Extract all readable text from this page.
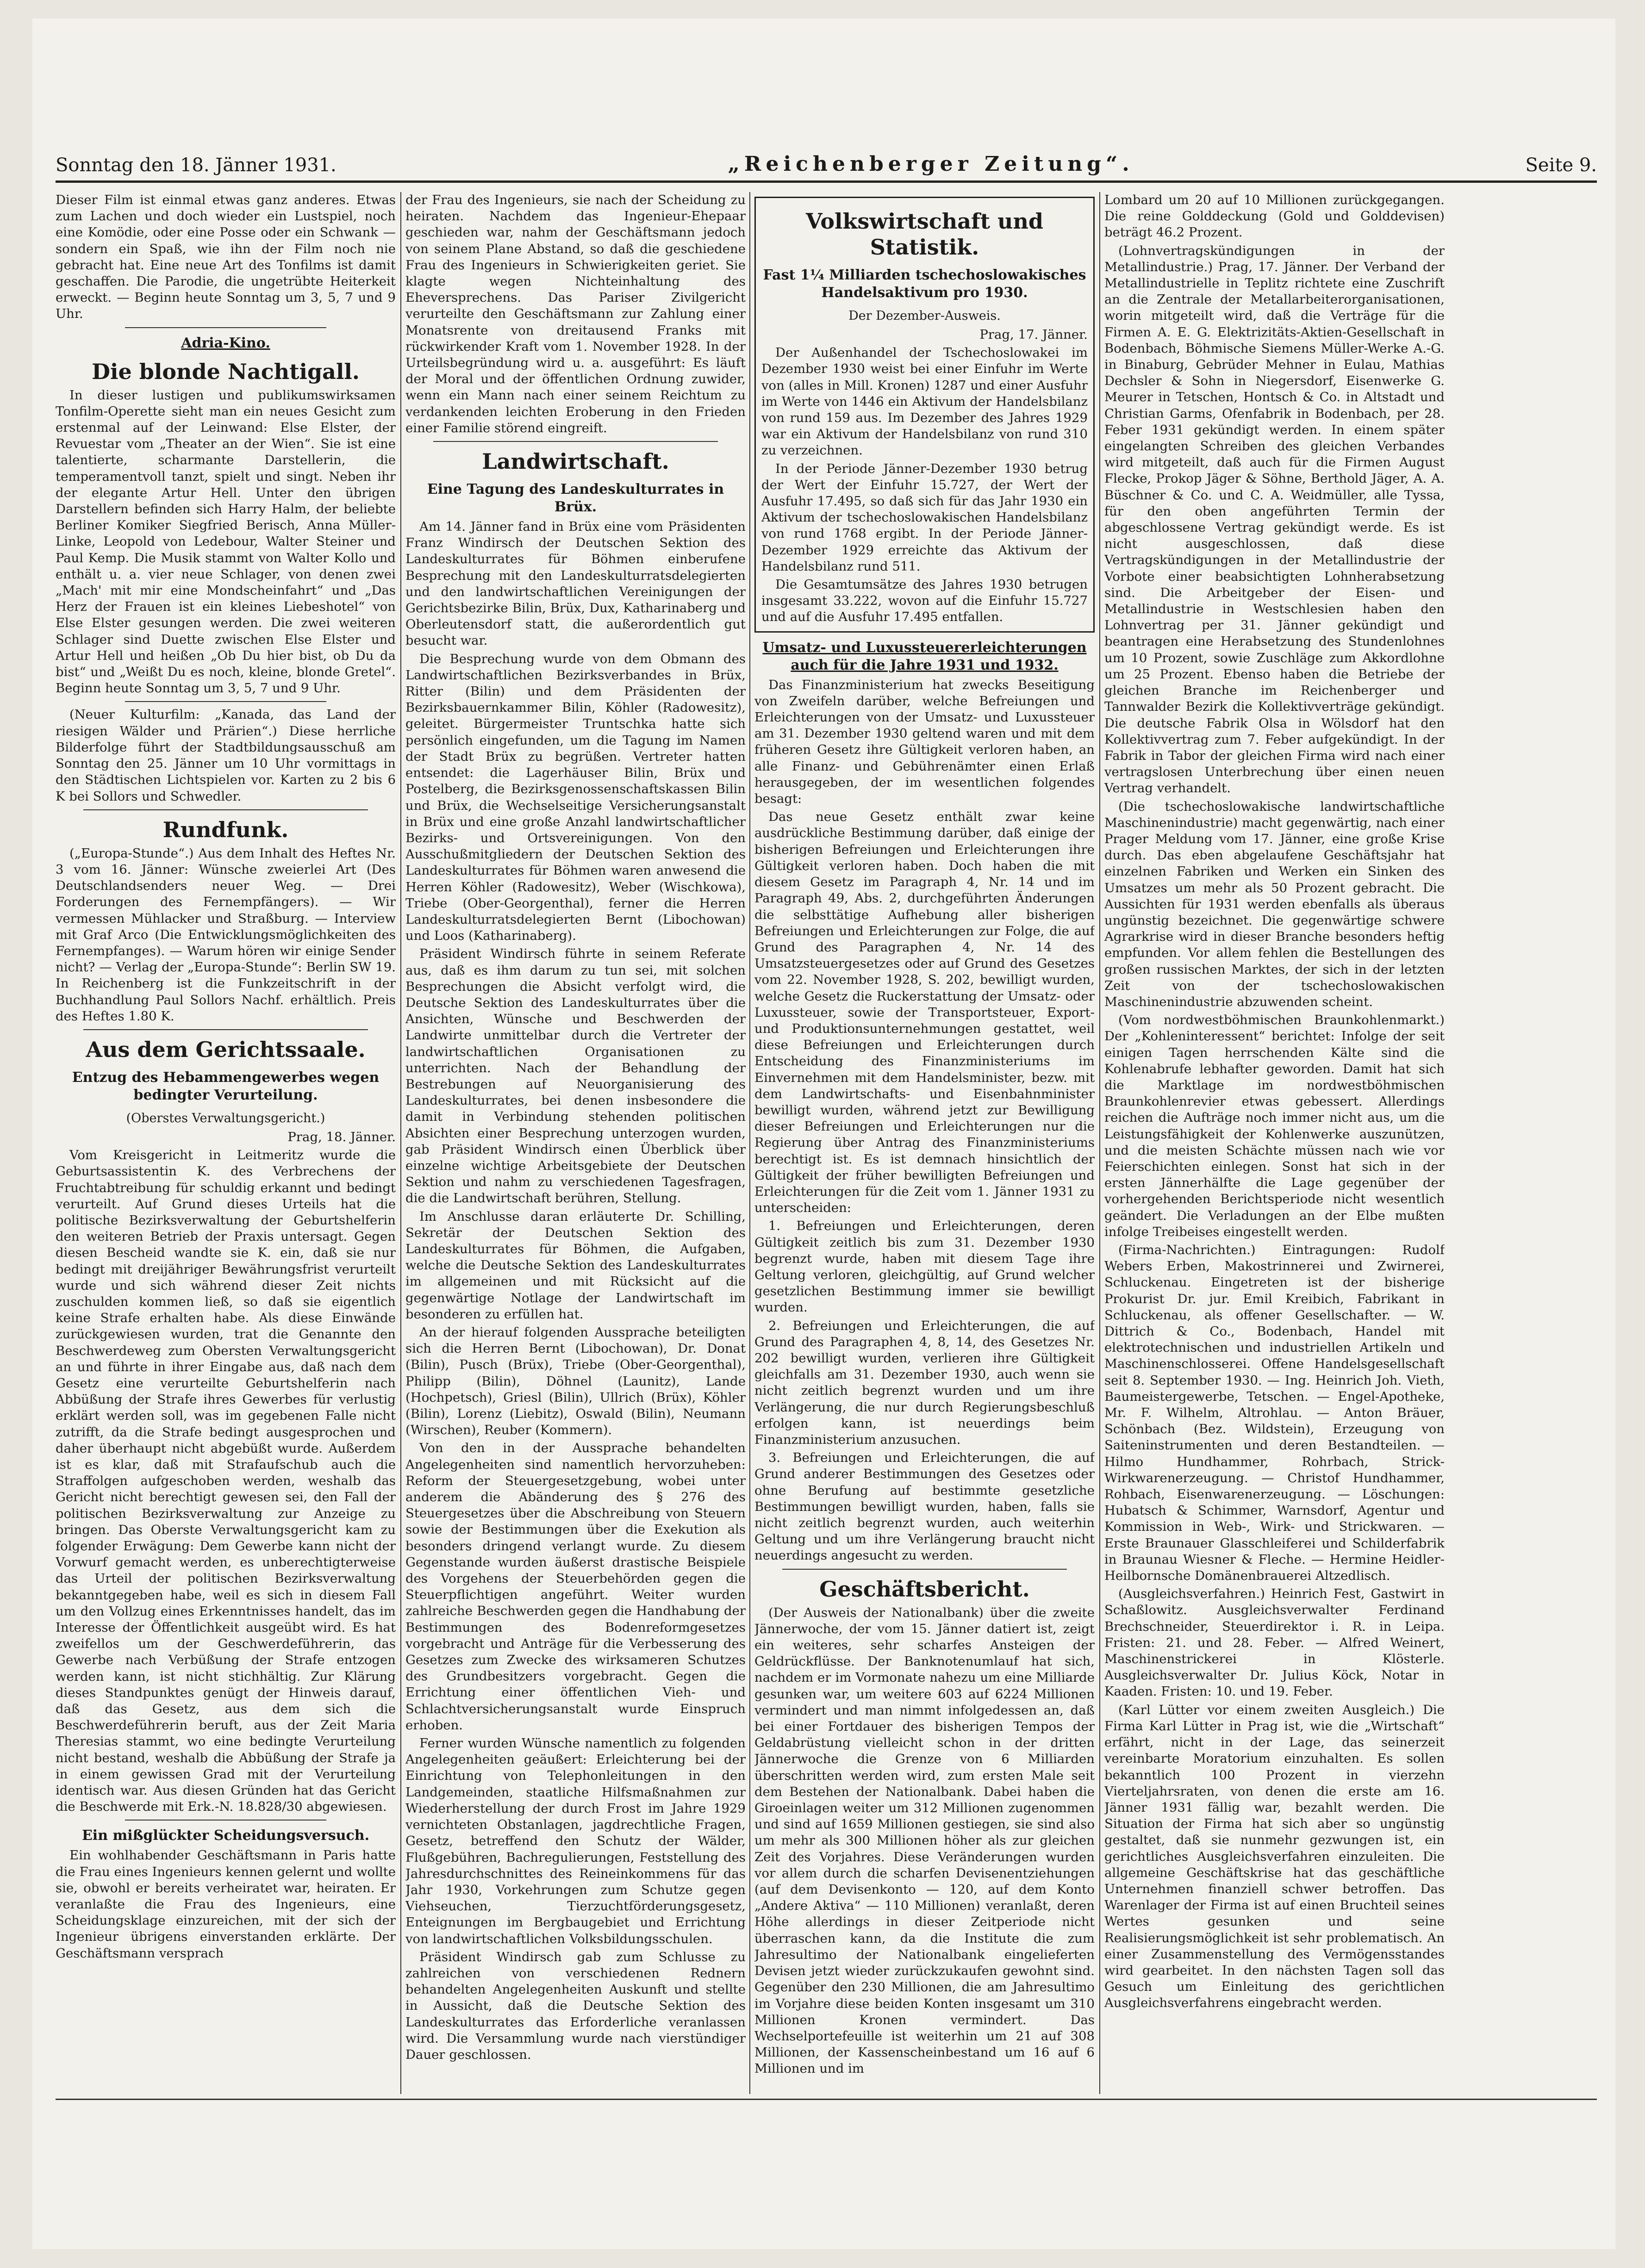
Sonntag den 18. Jänner 1931.	„Reichenberger Zeitung“.	Seite 9.

Dieser Film ist einmal etwas ganz anderes. Etwas zum Lachen und doch wieder ein Lustspiel, noch eine Komödie, oder eine Posse oder ein Schwank — sondern ein Spaß, wie ihn der Film noch nie gebracht hat. Eine neue Art des Tonfilms ist damit geschaffen. Die Parodie, die ungetrübte Heiterkeit erweckt. — Beginn heute Sonntag um 3, 5, 7 und 9 Uhr.

Adria-Kino.

Die blonde Nachtigall.

In dieser lustigen und publikumswirksamen Tonfilm-Operette sieht man ein neues Gesicht zum erstenmal auf der Leinwand: Else Elster, der Revuestar vom „Theater an der Wien“. Sie ist eine talentierte, scharmante Darstellerin, die temperamentvoll tanzt, spielt und singt. Neben ihr der elegante Artur Hell. Unter den übrigen Darstellern befinden sich Harry Halm, der beliebte Berliner Komiker Siegfried Berisch, Anna Müller-Linke, Leopold von Ledebour, Walter Steiner und Paul Kemp. Die Musik stammt von Walter Kollo und enthält u. a. vier neue Schlager, von denen zwei „Mach' mit mir eine Mondscheinfahrt“ und „Das Herz der Frauen ist ein kleines Liebeshotel“ von Else Elster gesungen werden. Die zwei weiteren Schlager sind Duette zwischen Else Elster und Artur Hell und heißen „Ob Du hier bist, ob Du da bist“ und „Weißt Du es noch, kleine, blonde Gretel“. Beginn heute Sonntag um 3, 5, 7 und 9 Uhr.

(Neuer Kulturfilm: „Kanada, das Land der riesigen Wälder und Prärien“.) Diese herrliche Bilderfolge führt der Stadtbildungsausschuß am Sonntag den 25. Jänner um 10 Uhr vormittags in den Städtischen Lichtspielen vor. Karten zu 2 bis 6 K bei Sollors und Schwedler.

Rundfunk.

(„Europa-Stunde“.) Aus dem Inhalt des Heftes Nr. 3 vom 16. Jänner: Wünsche zweierlei Art (Des Deutschlandsenders neuer Weg. — Drei Forderungen des Fernempfängers). — Wir vermessen Mühlacker und Straßburg. — Interview mit Graf Arco (Die Entwicklungsmöglichkeiten des Fernempfanges). — Warum hören wir einige Sender nicht? — Verlag der „Europa-Stunde“: Berlin SW 19. In Reichenberg ist die Funkzeitschrift in der Buchhandlung Paul Sollors Nachf. erhältlich. Preis des Heftes 1.80 K.

Aus dem Gerichtssaale.

Entzug des Hebammengewerbes wegen bedingter Verurteilung.

(Oberstes Verwaltungsgericht.)

Prag, 18. Jänner.

Vom Kreisgericht in Leitmeritz wurde die Geburtsassistentin K. des Verbrechens der Fruchtabtreibung für schuldig erkannt und bedingt verurteilt. Auf Grund dieses Urteils hat die politische Bezirksverwaltung der Geburtshelferin den weiteren Betrieb der Praxis untersagt. Gegen diesen Bescheid wandte sie K. ein, daß sie nur bedingt mit dreijähriger Bewährungsfrist verurteilt wurde und sich während dieser Zeit nichts zuschulden kommen ließ, so daß sie eigentlich keine Strafe erhalten habe. Als diese Einwände zurückgewiesen wurden, trat die Genannte den Beschwerdeweg zum Obersten Verwaltungsgericht an und führte in ihrer Eingabe aus, daß nach dem Gesetz eine verurteilte Geburtshelferin nach Abbüßung der Strafe ihres Gewerbes für verlustig erklärt werden soll, was im gegebenen Falle nicht zutrifft, da die Strafe bedingt ausgesprochen und daher überhaupt nicht abgebüßt wurde. Außerdem ist es klar, daß mit Strafaufschub auch die Straffolgen aufgeschoben werden, weshalb das Gericht nicht berechtigt gewesen sei, den Fall der politischen Bezirksverwaltung zur Anzeige zu bringen. Das Oberste Verwaltungsgericht kam zu folgender Erwägung: Dem Gewerbe kann nicht der Vorwurf gemacht werden, es unberechtigterweise das Urteil der politischen Bezirksverwaltung bekanntgegeben habe, weil es sich in diesem Fall um den Vollzug eines Erkenntnisses handelt, das im Interesse der Öffentlichkeit ausgeübt wird. Es hat zweifellos um der Geschwerdeführerin, das Gewerbe nach Verbüßung der Strafe entzogen werden kann, ist nicht stichhältig. Zur Klärung dieses Standpunktes genügt der Hinweis darauf, daß das Gesetz, aus dem sich die Beschwerdeführerin beruft, aus der Zeit Maria Theresias stammt, wo eine bedingte Verurteilung nicht bestand, weshalb die Abbüßung der Strafe ja in einem gewissen Grad mit der Verurteilung identisch war. Aus diesen Gründen hat das Gericht die Beschwerde mit Erk.-N. 18.828/30 abgewiesen.

Ein mißglückter Scheidungsversuch.

Ein wohlhabender Geschäftsmann in Paris hatte die Frau eines Ingenieurs kennen gelernt und wollte sie, obwohl er bereits verheiratet war, heiraten. Er veranlaßte die Frau des Ingenieurs, eine Scheidungsklage einzureichen, mit der sich der Ingenieur übrigens einverstanden erklärte. Der Geschäftsmann versprach

der Frau des Ingenieurs, sie nach der Scheidung zu heiraten. Nachdem das Ingenieur-Ehepaar geschieden war, nahm der Geschäftsmann jedoch von seinem Plane Abstand, so daß die geschiedene Frau des Ingenieurs in Schwierigkeiten geriet. Sie klagte wegen Nichteinhaltung des Eheversprechens. Das Pariser Zivilgericht verurteilte den Geschäftsmann zur Zahlung einer Monatsrente von dreitausend Franks mit rückwirkender Kraft vom 1. November 1928. In der Urteilsbegründung wird u. a. ausgeführt: Es läuft der Moral und der öffentlichen Ordnung zuwider, wenn ein Mann nach einer seinem Reichtum zu verdankenden leichten Eroberung in den Frieden einer Familie störend eingreift.

Landwirtschaft.

Eine Tagung des Landeskulturrates in Brüx.

Am 14. Jänner fand in Brüx eine vom Präsidenten Franz Windirsch der Deutschen Sektion des Landeskulturrates für Böhmen einberufene Besprechung mit den Landeskulturratsdelegierten und den landwirtschaftlichen Vereinigungen der Gerichtsbezirke Bilin, Brüx, Dux, Katharinaberg und Oberleutensdorf statt, die außerordentlich gut besucht war.

Die Besprechung wurde von dem Obmann des Landwirtschaftlichen Bezirksverbandes in Brüx, Ritter (Bilin) und dem Präsidenten der Bezirksbauernkammer Bilin, Köhler (Radowesitz), geleitet. Bürgermeister Truntschka hatte sich persönlich eingefunden, um die Tagung im Namen der Stadt Brüx zu begrüßen. Vertreter hatten entsendet: die Lagerhäuser Bilin, Brüx und Postelberg, die Bezirksgenossenschaftskassen Bilin und Brüx, die Wechselseitige Versicherungsanstalt in Brüx und eine große Anzahl landwirtschaftlicher Bezirks- und Ortsvereinigungen. Von den Ausschußmitgliedern der Deutschen Sektion des Landeskulturrates für Böhmen waren anwesend die Herren Köhler (Radowesitz), Weber (Wischkowa), Triebe (Ober-Georgenthal), ferner die Herren Landeskulturratsdelegierten Bernt (Libochowan) und Loos (Katharinaberg).

Präsident Windirsch führte in seinem Referate aus, daß es ihm darum zu tun sei, mit solchen Besprechungen die Absicht verfolgt wird, die Deutsche Sektion des Landeskulturrates über die Ansichten, Wünsche und Beschwerden der Landwirte unmittelbar durch die Vertreter der landwirtschaftlichen Organisationen zu unterrichten. Nach der Behandlung der Bestrebungen auf Neuorganisierung des Landeskulturrates, bei denen insbesondere die damit in Verbindung stehenden politischen Absichten einer Besprechung unterzogen wurden, gab Präsident Windirsch einen Überblick über einzelne wichtige Arbeitsgebiete der Deutschen Sektion und nahm zu verschiedenen Tagesfragen, die die Landwirtschaft berühren, Stellung.

Im Anschlusse daran erläuterte Dr. Schilling, Sekretär der Deutschen Sektion des Landeskulturrates für Böhmen, die Aufgaben, welche die Deutsche Sektion des Landeskulturrates im allgemeinen und mit Rücksicht auf die gegenwärtige Notlage der Landwirtschaft im besonderen zu erfüllen hat.

An der hierauf folgenden Aussprache beteiligten sich die Herren Bernt (Libochowan), Dr. Donat (Bilin), Pusch (Brüx), Triebe (Ober-Georgenthal), Philipp (Bilin), Döhnel (Launitz), Lande (Hochpetsch), Griesl (Bilin), Ullrich (Brüx), Köhler (Bilin), Lorenz (Liebitz), Oswald (Bilin), Neumann (Wirschen), Reuber (Kommern).

Von den in der Aussprache behandelten Angelegenheiten sind namentlich hervorzuheben: Reform der Steuergesetzgebung, wobei unter anderem die Abänderung des § 276 des Steuergesetzes über die Abschreibung von Steuern sowie der Bestimmungen über die Exekution als besonders dringend verlangt wurde. Zu diesem Gegenstande wurden äußerst drastische Beispiele des Vorgehens der Steuerbehörden gegen die Steuerpflichtigen angeführt. Weiter wurden zahlreiche Beschwerden gegen die Handhabung der Bestimmungen des Bodenreformgesetzes vorgebracht und Anträge für die Verbesserung des Gesetzes zum Zwecke des wirksameren Schutzes des Grundbesitzers vorgebracht. Gegen die Errichtung einer öffentlichen Vieh- und Schlachtversicherungsanstalt wurde Einspruch erhoben.

Ferner wurden Wünsche namentlich zu folgenden Angelegenheiten geäußert: Erleichterung bei der Einrichtung von Telephonleitungen in den Landgemeinden, staatliche Hilfsmaßnahmen zur Wiederherstellung der durch Frost im Jahre 1929 vernichteten Obstanlagen, jagdrechtliche Fragen, Gesetz, betreffend den Schutz der Wälder, Flußgebühren, Bachregulierungen, Feststellung des Jahresdurchschnittes des Reineinkommens für das Jahr 1930, Vorkehrungen zum Schutze gegen Viehseuchen, Tierzuchtförderungsgesetz, Enteignungen im Bergbaugebiet und Errichtung von landwirtschaftlichen Volksbildungsschulen.

Präsident Windirsch gab zum Schlusse zu zahlreichen von verschiedenen Rednern behandelten Angelegenheiten Auskunft und stellte in Aussicht, daß die Deutsche Sektion des Landeskulturrates das Erforderliche veranlassen wird. Die Versammlung wurde nach vierstündiger Dauer geschlossen.

Volkswirtschaft und Statistik.

Fast 1¼ Milliarden tschechoslowakisches Handelsaktivum pro 1930.

Der Dezember-Ausweis.

Prag, 17. Jänner.

Der Außenhandel der Tschechoslowakei im Dezember 1930 weist bei einer Einfuhr im Werte von (alles in Mill. Kronen) 1287 und einer Ausfuhr im Werte von 1446 ein Aktivum der Handelsbilanz von rund 159 aus. Im Dezember des Jahres 1929 war ein Aktivum der Handelsbilanz von rund 310 zu verzeichnen.

In der Periode Jänner-Dezember 1930 betrug der Wert der Einfuhr 15.727, der Wert der Ausfuhr 17.495, so daß sich für das Jahr 1930 ein Aktivum der tschechoslowakischen Handelsbilanz von rund 1768 ergibt. In der Periode Jänner-Dezember 1929 erreichte das Aktivum der Handelsbilanz rund 511.

Die Gesamtumsätze des Jahres 1930 betrugen insgesamt 33.222, wovon auf die Einfuhr 15.727 und auf die Ausfuhr 17.495 entfallen.

Umsatz- und Luxussteuererleichterungen auch für die Jahre 1931 und 1932.

Das Finanzministerium hat zwecks Beseitigung von Zweifeln darüber, welche Befreiungen und Erleichterungen von der Umsatz- und Luxussteuer am 31. Dezember 1930 geltend waren und mit dem früheren Gesetz ihre Gültigkeit verloren haben, an alle Finanz- und Gebührenämter einen Erlaß herausgegeben, der im wesentlichen folgendes besagt:

Das neue Gesetz enthält zwar keine ausdrückliche Bestimmung darüber, daß einige der bisherigen Befreiungen und Erleichterungen ihre Gültigkeit verloren haben. Doch haben die mit diesem Gesetz im Paragraph 4, Nr. 14 und im Paragraph 49, Abs. 2, durchgeführten Änderungen die selbsttätige Aufhebung aller bisherigen Befreiungen und Erleichterungen zur Folge, die auf Grund des Paragraphen 4, Nr. 14 des Umsatzsteuergesetzes oder auf Grund des Gesetzes vom 22. November 1928, S. 202, bewilligt wurden, welche Gesetz die Ruckerstattung der Umsatz- oder Luxussteuer, sowie der Transportsteuer, Export- und Produktionsunternehmungen gestattet, weil diese Befreiungen und Erleichterungen durch Entscheidung des Finanzministeriums im Einvernehmen mit dem Handelsminister, bezw. mit dem Landwirtschafts- und Eisenbahnminister bewilligt wurden, während jetzt zur Bewilligung dieser Befreiungen und Erleichterungen nur die Regierung über Antrag des Finanzministeriums berechtigt ist. Es ist demnach hinsichtlich der Gültigkeit der früher bewilligten Befreiungen und Erleichterungen für die Zeit vom 1. Jänner 1931 zu unterscheiden:

1. Befreiungen und Erleichterungen, deren Gültigkeit zeitlich bis zum 31. Dezember 1930 begrenzt wurde, haben mit diesem Tage ihre Geltung verloren, gleichgültig, auf Grund welcher gesetzlichen Bestimmung immer sie bewilligt wurden.

2. Befreiungen und Erleichterungen, die auf Grund des Paragraphen 4, 8, 14, des Gesetzes Nr. 202 bewilligt wurden, verlieren ihre Gültigkeit gleichfalls am 31. Dezember 1930, auch wenn sie nicht zeitlich begrenzt wurden und um ihre Verlängerung, die nur durch Regierungsbeschluß erfolgen kann, ist neuerdings beim Finanzministerium anzusuchen.

3. Befreiungen und Erleichterungen, die auf Grund anderer Bestimmungen des Gesetzes oder ohne Berufung auf bestimmte gesetzliche Bestimmungen bewilligt wurden, haben, falls sie nicht zeitlich begrenzt wurden, auch weiterhin Geltung und um ihre Verlängerung braucht nicht neuerdings angesucht zu werden.

Geschäftsbericht.

(Der Ausweis der Nationalbank) über die zweite Jännerwoche, der vom 15. Jänner datiert ist, zeigt ein weiteres, sehr scharfes Ansteigen der Geldrückflüsse. Der Banknotenumlauf hat sich, nachdem er im Vormonate nahezu um eine Milliarde gesunken war, um weitere 603 auf 6224 Millionen vermindert und man nimmt infolgedessen an, daß bei einer Fortdauer des bisherigen Tempos der Geldabrüstung vielleicht schon in der dritten Jännerwoche die Grenze von 6 Milliarden überschritten werden wird, zum ersten Male seit dem Bestehen der Nationalbank. Dabei haben die Giroeinlagen weiter um 312 Millionen zugenommen und sind auf 1659 Millionen gestiegen, sie sind also um mehr als 300 Millionen höher als zur gleichen Zeit des Vorjahres. Diese Veränderungen wurden vor allem durch die scharfen Devisenentziehungen (auf dem Devisenkonto — 120, auf dem Konto „Andere Aktiva“ — 110 Millionen) veranlaßt, deren Höhe allerdings in dieser Zeitperiode nicht überraschen kann, da die Institute die zum Jahresultimo der Nationalbank eingelieferten Devisen jetzt wieder zurückzukaufen gewohnt sind. Gegenüber den 230 Millionen, die am Jahresultimo im Vorjahre diese beiden Konten insgesamt um 310 Millionen Kronen vermindert. Das Wechselportefeuille ist weiterhin um 21 auf 308 Millionen, der Kassenscheinbestand um 16 auf 6 Millionen und im

Lombard um 20 auf 10 Millionen zurückgegangen. Die reine Golddeckung (Gold und Golddevisen) beträgt 46.2 Prozent.

(Lohnvertragskündigungen in der Metallindustrie.) Prag, 17. Jänner. Der Verband der Metallindustrielle in Teplitz richtete eine Zuschrift an die Zentrale der Metallarbeiterorganisationen, worin mitgeteilt wird, daß die Verträge für die Firmen A. E. G. Elektrizitäts-Aktien-Gesellschaft in Bodenbach, Böhmische Siemens Müller-Werke A.-G. in Binaburg, Gebrüder Mehner in Eulau, Mathias Dechsler & Sohn in Niegersdorf, Eisenwerke G. Meurer in Tetschen, Hontsch & Co. in Altstadt und Christian Garms, Ofenfabrik in Bodenbach, per 28. Feber 1931 gekündigt werden. In einem später eingelangten Schreiben des gleichen Verbandes wird mitgeteilt, daß auch für die Firmen August Flecke, Prokop Jäger & Söhne, Berthold Jäger, A. A. Büschner & Co. und C. A. Weidmüller, alle Tyssa, für den oben angeführten Termin der abgeschlossene Vertrag gekündigt werde. Es ist nicht ausgeschlossen, daß diese Vertragskündigungen in der Metallindustrie der Vorbote einer beabsichtigten Lohnherabsetzung sind. Die Arbeitgeber der Eisen- und Metallindustrie in Westschlesien haben den Lohnvertrag per 31. Jänner gekündigt und beantragen eine Herabsetzung des Stundenlohnes um 10 Prozent, sowie Zuschläge zum Akkordlohne um 25 Prozent. Ebenso haben die Betriebe der gleichen Branche im Reichenberger und Tannwalder Bezirk die Kollektivverträge gekündigt. Die deutsche Fabrik Olsa in Wölsdorf hat den Kollektivvertrag zum 7. Feber aufgekündigt. In der Fabrik in Tabor der gleichen Firma wird nach einer vertragslosen Unterbrechung über einen neuen Vertrag verhandelt.

(Die tschechoslowakische landwirtschaftliche Maschinenindustrie) macht gegenwärtig, nach einer Prager Meldung vom 17. Jänner, eine große Krise durch. Das eben abgelaufene Geschäftsjahr hat einzelnen Fabriken und Werken ein Sinken des Umsatzes um mehr als 50 Prozent gebracht. Die Aussichten für 1931 werden ebenfalls als überaus ungünstig bezeichnet. Die gegenwärtige schwere Agrarkrise wird in dieser Branche besonders heftig empfunden. Vor allem fehlen die Bestellungen des großen russischen Marktes, der sich in der letzten Zeit von der tschechoslowakischen Maschinenindustrie abzuwenden scheint.

(Vom nordwestböhmischen Braunkohlenmarkt.) Der „Kohleninteressent“ berichtet: Infolge der seit einigen Tagen herrschenden Kälte sind die Kohlenabrufe lebhafter geworden. Damit hat sich die Marktlage im nordwestböhmischen Braunkohlenrevier etwas gebessert. Allerdings reichen die Aufträge noch immer nicht aus, um die Leistungsfähigkeit der Kohlenwerke auszunützen, und die meisten Schächte müssen nach wie vor Feierschichten einlegen. Sonst hat sich in der ersten Jännerhälfte die Lage gegenüber der vorhergehenden Berichtsperiode nicht wesentlich geändert. Die Verladungen an der Elbe mußten infolge Treibeises eingestellt werden.

(Firma-Nachrichten.) Eintragungen: Rudolf Webers Erben, Makostrinnerei und Zwirnerei, Schluckenau. Eingetreten ist der bisherige Prokurist Dr. jur. Emil Kreibich, Fabrikant in Schluckenau, als offener Gesellschafter. — W. Dittrich & Co., Bodenbach, Handel mit elektrotechnischen und industriellen Artikeln und Maschinenschlosserei. Offene Handelsgesellschaft seit 8. September 1930. — Ing. Heinrich Joh. Vieth, Baumeistergewerbe, Tetschen. — Engel-Apotheke, Mr. F. Wilhelm, Altrohlau. — Anton Bräuer, Schönbach (Bez. Wildstein), Erzeugung von Saiteninstrumenten und deren Bestandteilen. — Hilmo Hundhammer, Rohrbach, Strick- Wirkwarenerzeugung. — Christof Hundhammer, Rohbach, Eisenwarenerzeugung. — Löschungen: Hubatsch & Schimmer, Warnsdorf, Agentur und Kommission in Web-, Wirk- und Strickwaren. — Erste Braunauer Glasschleiferei und Schilderfabrik in Braunau Wiesner & Fleche. — Hermine Heidler-Heilbornsche Domänenbrauerei Altzedlisch.

(Ausgleichsverfahren.) Heinrich Fest, Gastwirt in Schaßlowitz. Ausgleichsverwalter Ferdinand Brechschneider, Steuerdirektor i. R. in Leipa. Fristen: 21. und 28. Feber. — Alfred Weinert, Maschinenstrickerei in Klösterle. Ausgleichsverwalter Dr. Julius Köck, Notar in Kaaden. Fristen: 10. und 19. Feber.

(Karl Lütter vor einem zweiten Ausgleich.) Die Firma Karl Lütter in Prag ist, wie die „Wirtschaft“ erfährt, nicht in der Lage, das seinerzeit vereinbarte Moratorium einzuhalten. Es sollen bekanntlich 100 Prozent in vierzehn Vierteljahrsraten, von denen die erste am 16. Jänner 1931 fällig war, bezahlt werden. Die Situation der Firma hat sich aber so ungünstig gestaltet, daß sie nunmehr gezwungen ist, ein gerichtliches Ausgleichsverfahren einzuleiten. Die allgemeine Geschäftskrise hat das geschäftliche Unternehmen finanziell schwer betroffen. Das Warenlager der Firma ist auf einen Bruchteil seines Wertes gesunken und seine Realisierungsmöglichkeit ist sehr problematisch. An einer Zusammenstellung des Vermögensstandes wird gearbeitet. In den nächsten Tagen soll das Gesuch um Einleitung des gerichtlichen Ausgleichsverfahrens eingebracht werden.
